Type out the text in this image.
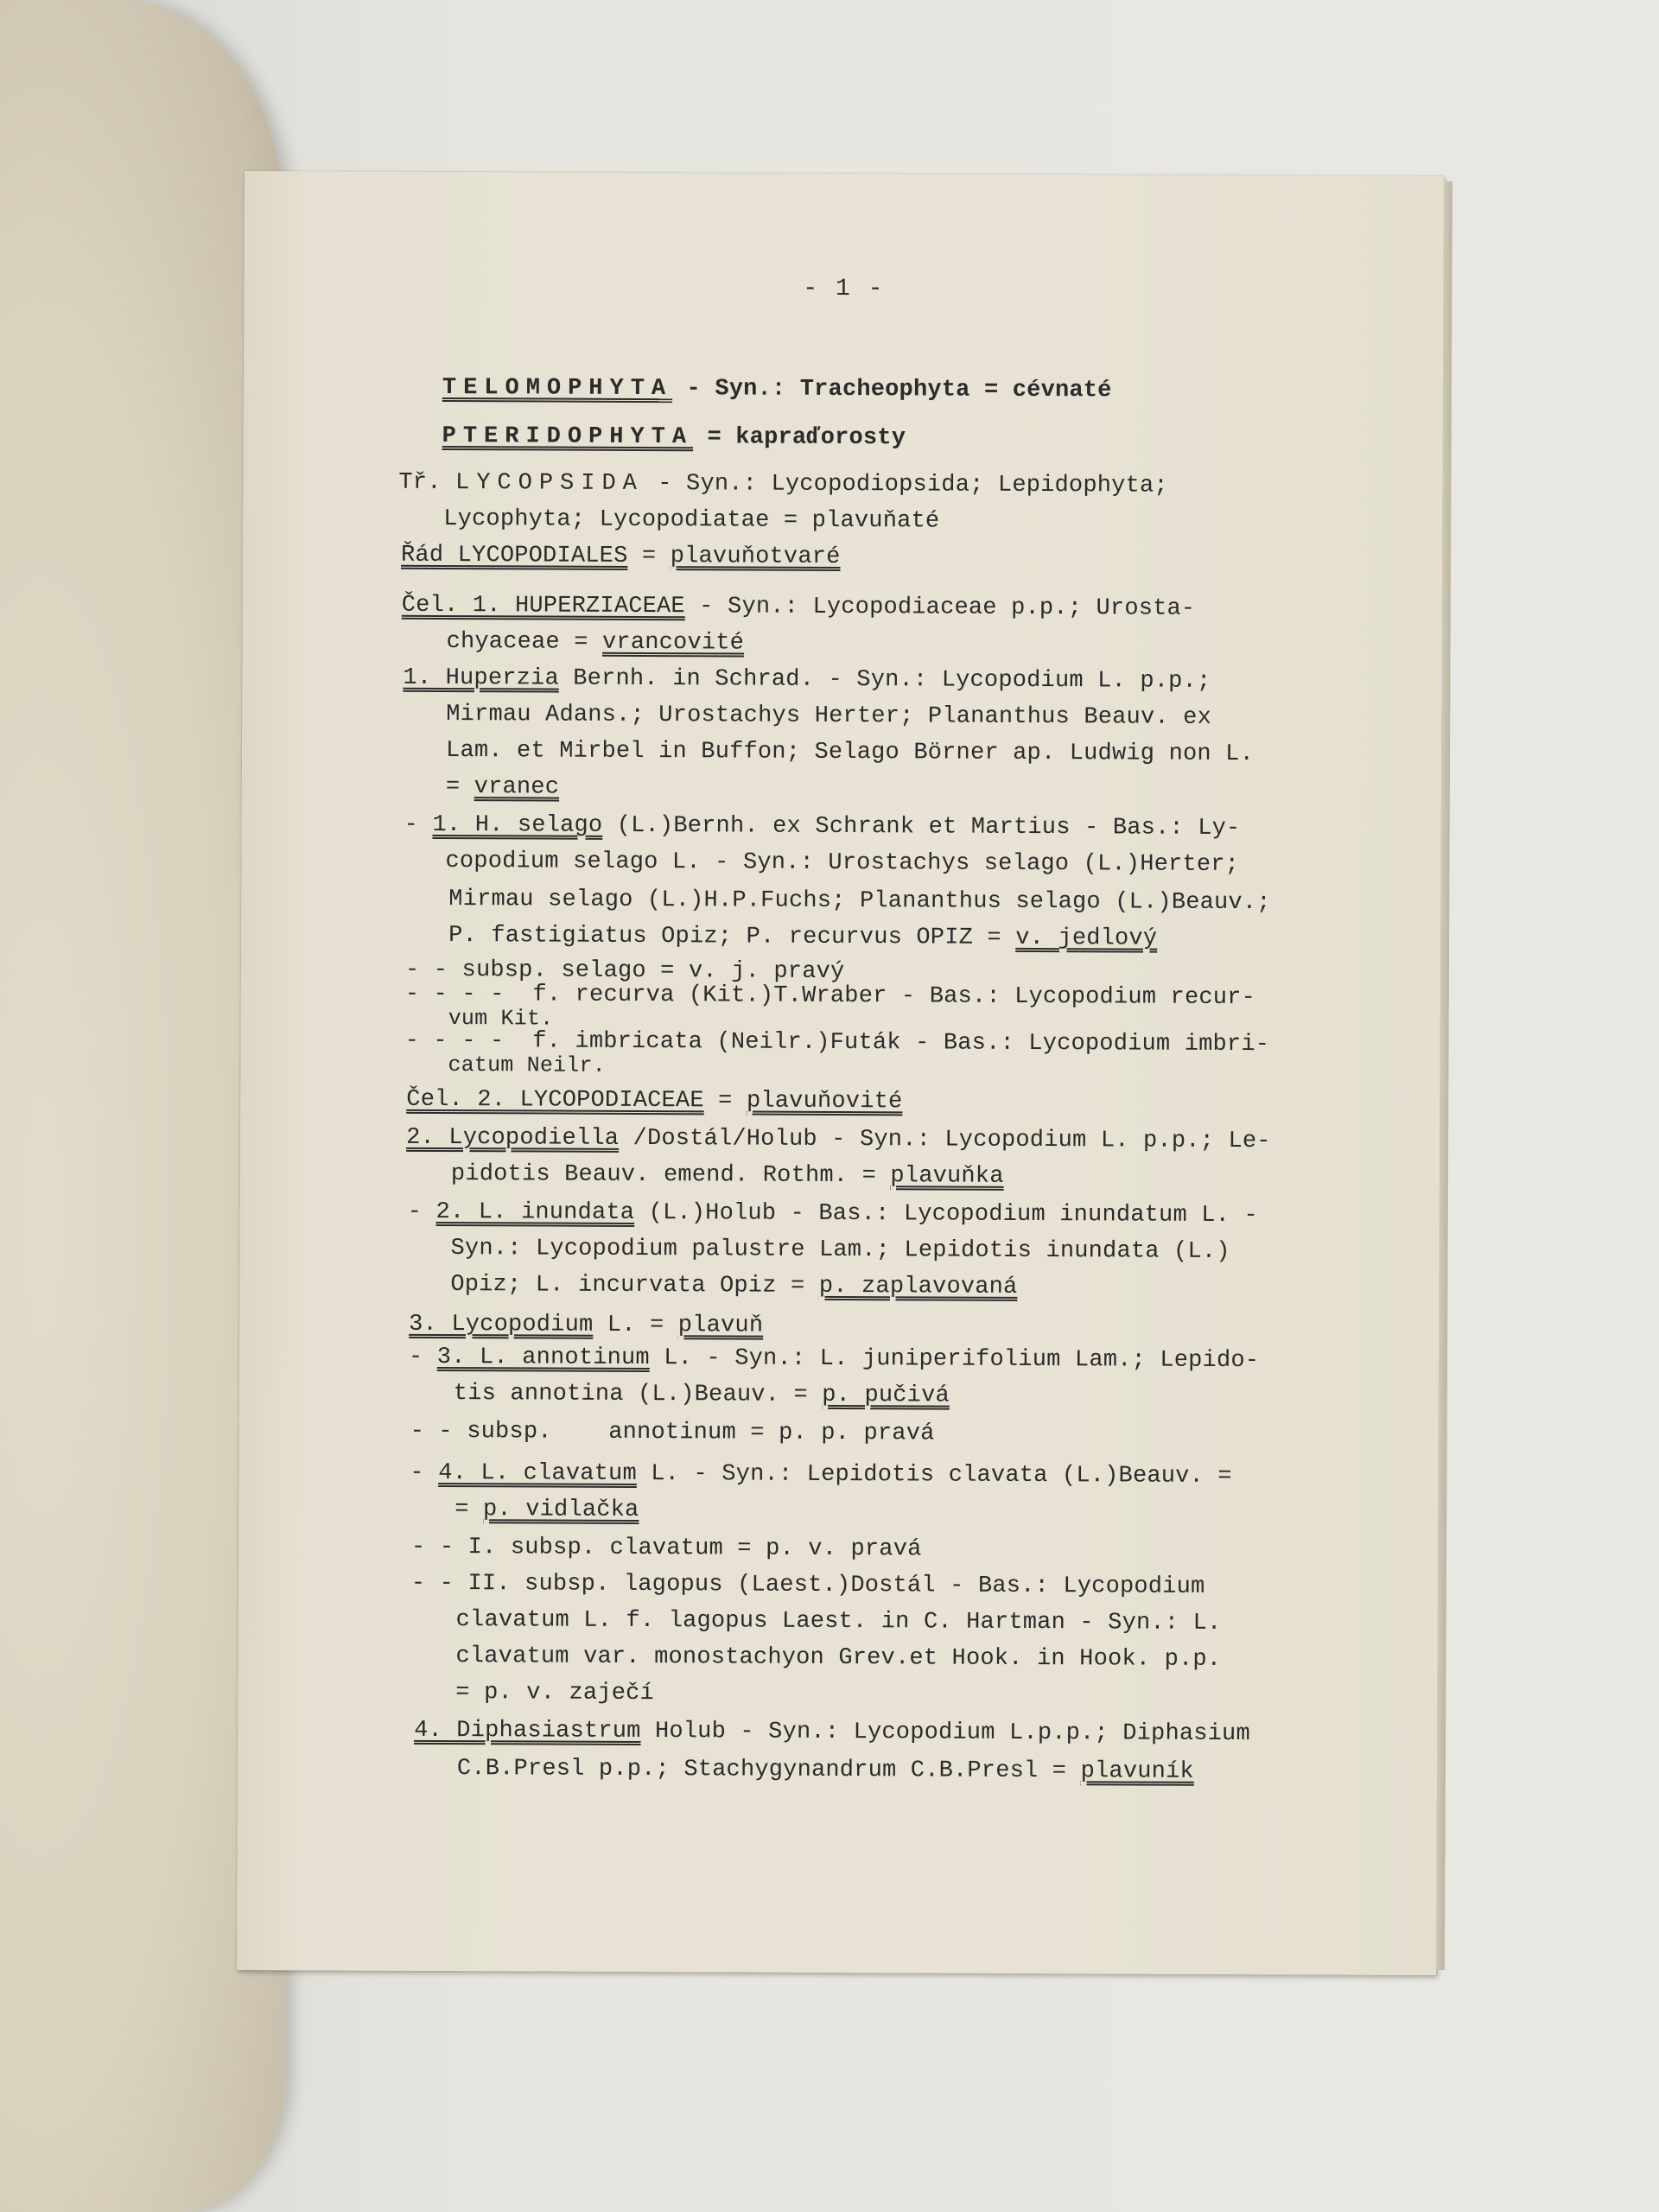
- 1 -
TELOMOPHYTA - Syn.: Tracheophyta = cévnaté
PTERIDOPHYTA = kapraďorosty
Tř. LYCOPSIDA - Syn.: Lycopodiopsida; Lepidophyta;
Lycophyta; Lycopodiatae = plavuňaté
Řád LYCOPODIALES = plavuňotvaré
Čel. 1. HUPERZIACEAE - Syn.: Lycopodiaceae p.p.; Urosta-
chyaceae = vrancovité
1. Huperzia Bernh. in Schrad. - Syn.: Lycopodium L. p.p.;
Mirmau Adans.; Urostachys Herter; Plananthus Beauv. ex
Lam. et Mirbel in Buffon; Selago Börner ap. Ludwig non L.
= vranec
- 1. H. selago (L.)Bernh. ex Schrank et Martius - Bas.: Ly-
copodium selago L. - Syn.: Urostachys selago (L.)Herter;
Mirmau selago (L.)H.P.Fuchs; Plananthus selago (L.)Beauv.;
P. fastigiatus Opiz; P. recurvus OPIZ = v. jedlový
- - subsp. selago = v. j. pravý
- - - -  f. recurva (Kit.)T.Wraber - Bas.: Lycopodium recur-
vum Kit.
- - - -  f. imbricata (Neilr.)Futák - Bas.: Lycopodium imbri-
catum Neilr.
Čel. 2. LYCOPODIACEAE = plavuňovité
2. Lycopodiella /Dostál/Holub - Syn.: Lycopodium L. p.p.; Le-
pidotis Beauv. emend. Rothm. = plavuňka
- 2. L. inundata (L.)Holub - Bas.: Lycopodium inundatum L. -
Syn.: Lycopodium palustre Lam.; Lepidotis inundata (L.)
Opiz; L. incurvata Opiz = p. zaplavovaná
3. Lycopodium L. = plavuň
- 3. L. annotinum L. - Syn.: L. juniperifolium Lam.; Lepido-
tis annotina (L.)Beauv. = p. pučivá
- - subsp.    annotinum = p. p. pravá
- 4. L. clavatum L. - Syn.: Lepidotis clavata (L.)Beauv. =
= p. vidlačka
- - I. subsp. clavatum = p. v. pravá
- - II. subsp. lagopus (Laest.)Dostál - Bas.: Lycopodium
clavatum L. f. lagopus Laest. in C. Hartman - Syn.: L.
clavatum var. monostachyon Grev.et Hook. in Hook. p.p.
= p. v. zaječí
4. Diphasiastrum Holub - Syn.: Lycopodium L.p.p.; Diphasium
C.B.Presl p.p.; Stachygynandrum C.B.Presl = plavuník
